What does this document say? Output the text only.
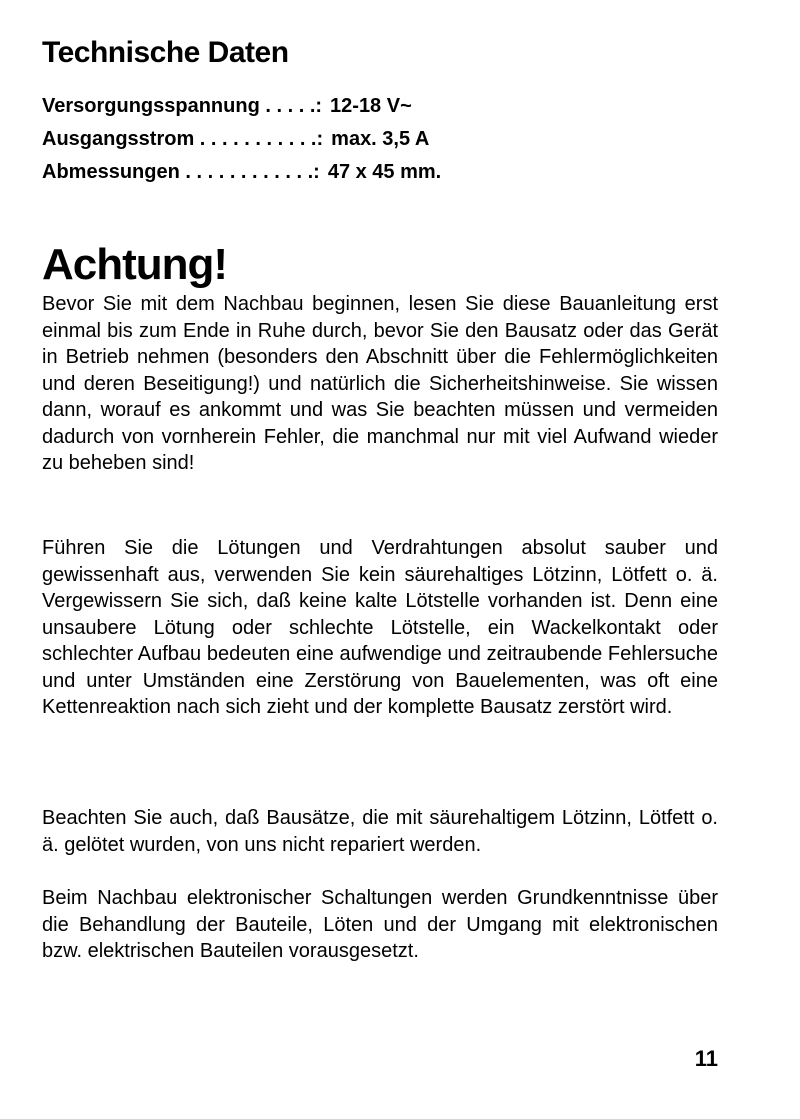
Technische Daten
Versorgungsspannung . . . . .: 12-18 V~
Ausgangsstrom . . . . . . . . . . .: max. 3,5 A
Abmessungen . . . . . . . . . . . .: 47 x 45 mm.
Achtung!

Bevor Sie mit dem Nachbau beginnen, lesen Sie diese Bauanleitung erst einmal bis zum Ende in Ruhe durch, bevor Sie den Bausatz oder das Gerät in Betrieb nehmen (besonders den Abschnitt über die Fehlermöglichkeiten und deren Beseitigung!) und natürlich die Sicherheitshinweise. Sie wissen dann, worauf es ankommt und was Sie beachten müssen und vermeiden dadurch von vornherein Fehler, die manchmal nur mit viel Aufwand wieder zu beheben sind!

Führen Sie die Lötungen und Verdrahtungen absolut sauber und gewissenhaft aus, verwenden Sie kein säurehaltiges Lötzinn, Lötfett o. ä. Vergewissern Sie sich, daß keine kalte Lötstelle vorhanden ist. Denn eine unsaubere Lötung oder schlechte Lötstelle, ein Wackelkontakt oder schlechter Aufbau bedeuten eine aufwendige und zeitraubende Fehlersuche und unter Umständen eine Zerstörung von Bauelementen, was oft eine Kettenreaktion nach sich zieht und der komplette Bausatz zerstört wird.

Beachten Sie auch, daß Bausätze, die mit säurehaltigem Lötzinn, Lötfett o. ä. gelötet wurden, von uns nicht repariert werden.

Beim Nachbau elektronischer Schaltungen werden Grundkenntnisse über die Behandlung der Bauteile, Löten und der Umgang mit elektronischen bzw. elektrischen Bauteilen vorausgesetzt.

11
